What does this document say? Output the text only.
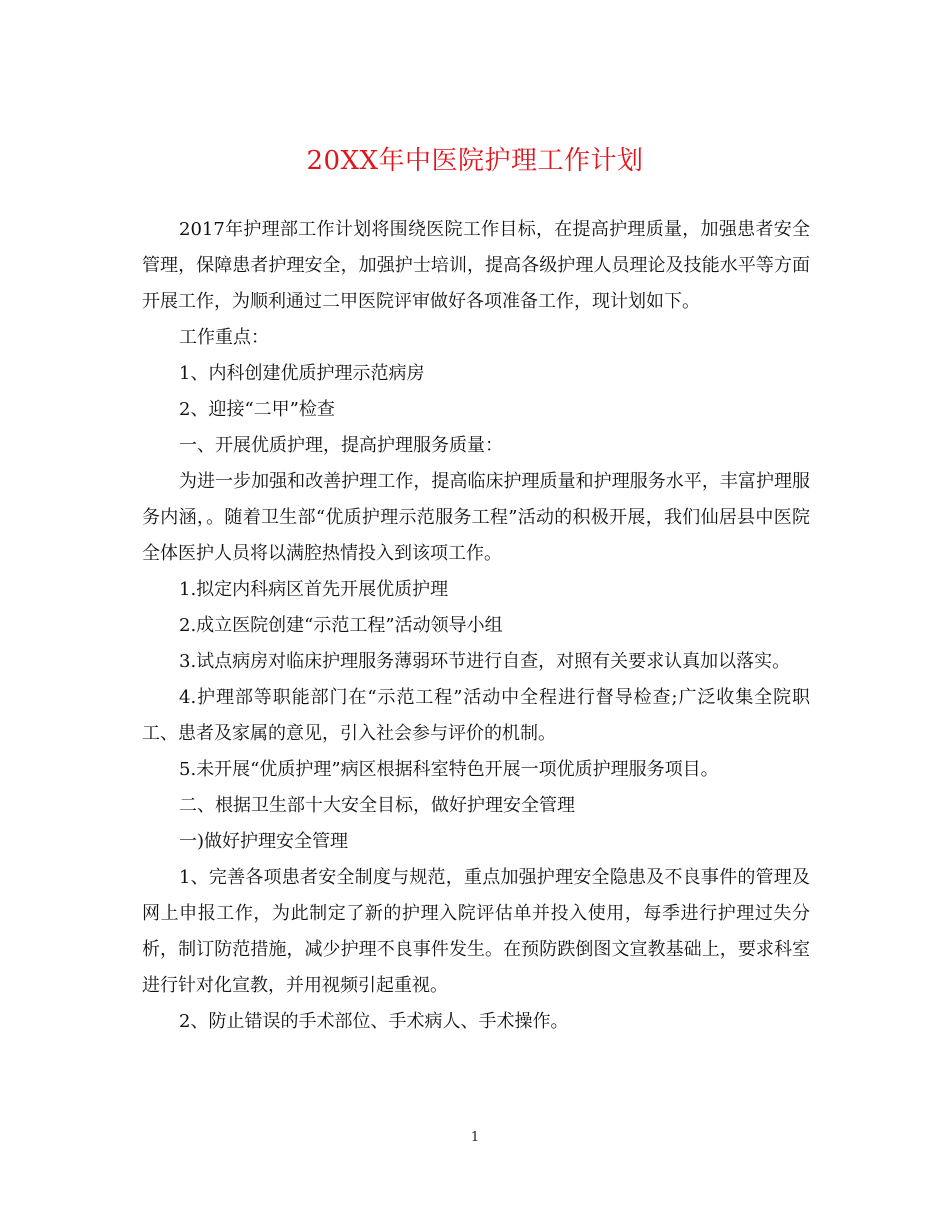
20XX年中医院护理工作计划

2017年护理部工作计划将围绕医院工作目标，在提高护理质量，加强患者安全管理，保障患者护理安全，加强护士培训，提高各级护理人员理论及技能水平等方面开展工作，为顺利通过二甲医院评审做好各项准备工作，现计划如下。

工作重点：

1、内科创建优质护理示范病房

2、迎接“二甲”检查

一、开展优质护理，提高护理服务质量：

为进一步加强和改善护理工作，提高临床护理质量和护理服务水平，丰富护理服务内涵，。随着卫生部“优质护理示范服务工程”活动的积极开展，我们仙居县中医院全体医护人员将以满腔热情投入到该项工作。

1.拟定内科病区首先开展优质护理

2.成立医院创建“示范工程”活动领导小组

3.试点病房对临床护理服务薄弱环节进行自查，对照有关要求认真加以落实。

4.护理部等职能部门在“示范工程”活动中全程进行督导检查;广泛收集全院职工、患者及家属的意见，引入社会参与评价的机制。

5.未开展“优质护理”病区根据科室特色开展一项优质护理服务项目。

二、根据卫生部十大安全目标，做好护理安全管理

一)做好护理安全管理

1、完善各项患者安全制度与规范，重点加强护理安全隐患及不良事件的管理及网上申报工作，为此制定了新的护理入院评估单并投入使用，每季进行护理过失分析，制订防范措施，减少护理不良事件发生。在预防跌倒图文宣教基础上，要求科室进行针对化宣教，并用视频引起重视。

2、防止错误的手术部位、手术病人、手术操作。

1
